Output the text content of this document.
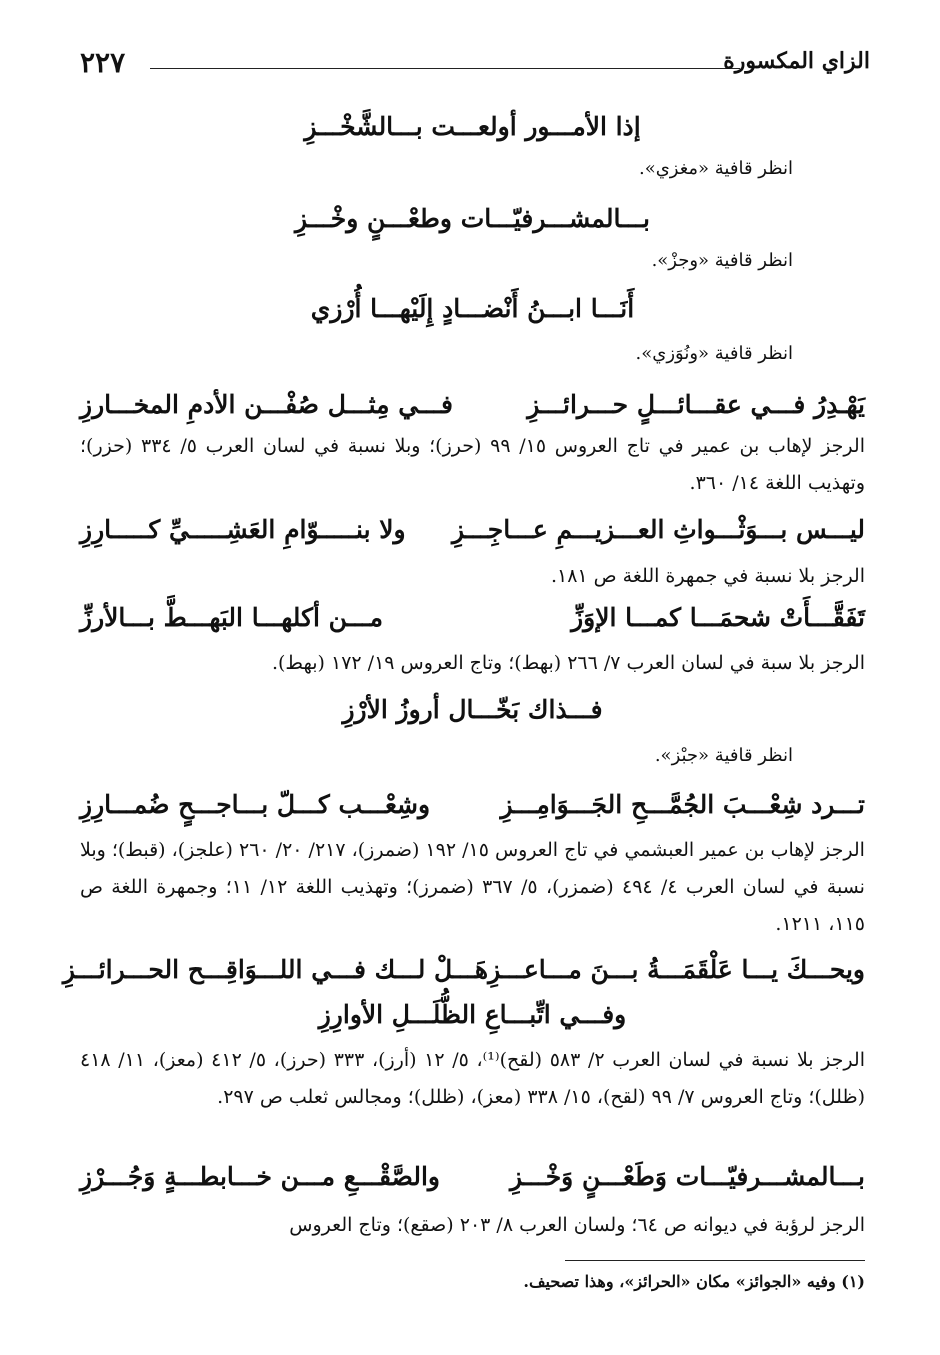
٢٢٧	الزاي المكسورة
إذا الأمـــور أولعـــت بـــالشَّخْـــزِ
انظر قافية «مغزي».
بـــالمشـــرفيّـــات وطعْـــنٍ وخْـــزِ
انظر قافية «وجزْ».
أَنَـــا ابـــنُ أَنْضـــادٍ إِلَيْهـــا أُرْزي
انظر قافية «ونُوَزي».
يَهْـدِرُ فـــي عقـــائـــلٍ حـــرائـــزِ
فـــي مِثـــل صُفْـــن الأدمِ المخـــارزِ
الرجز لإهاب بن عمير في تاج العروس ١٥/ ٩٩ (حرز)؛ وبلا نسبة في لسان العرب ٥/ ٣٣٤ (حزر)؛ وتهذيب اللغة ١٤/ ٣٦٠.
ليـــس بـــوَثْـــواثِ العـــزيـــمِ عـــاجِـــزِ
ولا بنـــــوّامِ العَشِـــــيِّ كـــــارِزِ
الرجز بلا نسبة في جمهرة اللغة ص ١٨١.
تَفَقَّـــأَتْ شحمَـــا كمـــا الإوَزِّ
مـــن أكلهـــا البَهـــطَّ بـــالأرزِّ
الرجز بلا سبة في لسان العرب ٧/ ٢٦٦ (بهط)؛ وتاج العروس ١٩/ ١٧٢ (بهط).
فـــذاك بَخّـــال أروزُ الأرْزِ
انظر قافية «جبْز».
تـــرد شِعْـــبَ الجُمَّـــحِ الجَـــوَامِـــزِ
وشِعْـــب كـــلّ بـــاجـــحٍ ضُمـــارِزِ
الرجز لإهاب بن عمير العبشمي في تاج العروس ١٥/ ١٩٢ (ضمرز)، ٢١٧/ ٢٠/ ٢٦٠ (علجز)، (قبط)؛ وبلا نسبة في لسان العرب ٤/ ٤٩٤ (ضمزر)، ٥/ ٣٦٧ (ضمرز)؛ وتهذيب اللغة ١٢/ ١١؛ وجمهرة اللغة ص ١١٥، ١٢١١.
ويحـــكَ يـــا عَلْقَمَـــةُ بـــنَ مـــاعـــزِ
هَـــلْ لـــك فـــي اللـــوَاقِـــح الحـــرائـــزِ
وفـــي اتِّبـــاعِ الظُّلَـــلِ الأوارِزِ
الرجز بلا نسبة في لسان العرب ٢/ ٥٨٣ (لقح)⁽¹⁾، ٥/ ١٢ (أرز)، ٣٣٣ (حرز)، ٥/ ٤١٢ (معز)، ١١/ ٤١٨ (ظلل)؛ وتاج العروس ٧/ ٩٩ (لقح)، ١٥/ ٣٣٨ (معز)، (ظلل)؛ ومجالس ثعلب ص ٢٩٧.
بـــالمشـــرفيّـــات وَطَعْـــنٍ وَخْـــزِ
والصَّقْـــعِ مـــن خـــابطـــةٍ وَجُـــرْزِ
الرجز لرؤبة في ديوانه ص ٦٤؛ ولسان العرب ٨/ ٢٠٣ (صقع)؛ وتاج العروس
(١) وفيه «الجوائز» مكان «الحرائز»، وهذا تصحيف.
